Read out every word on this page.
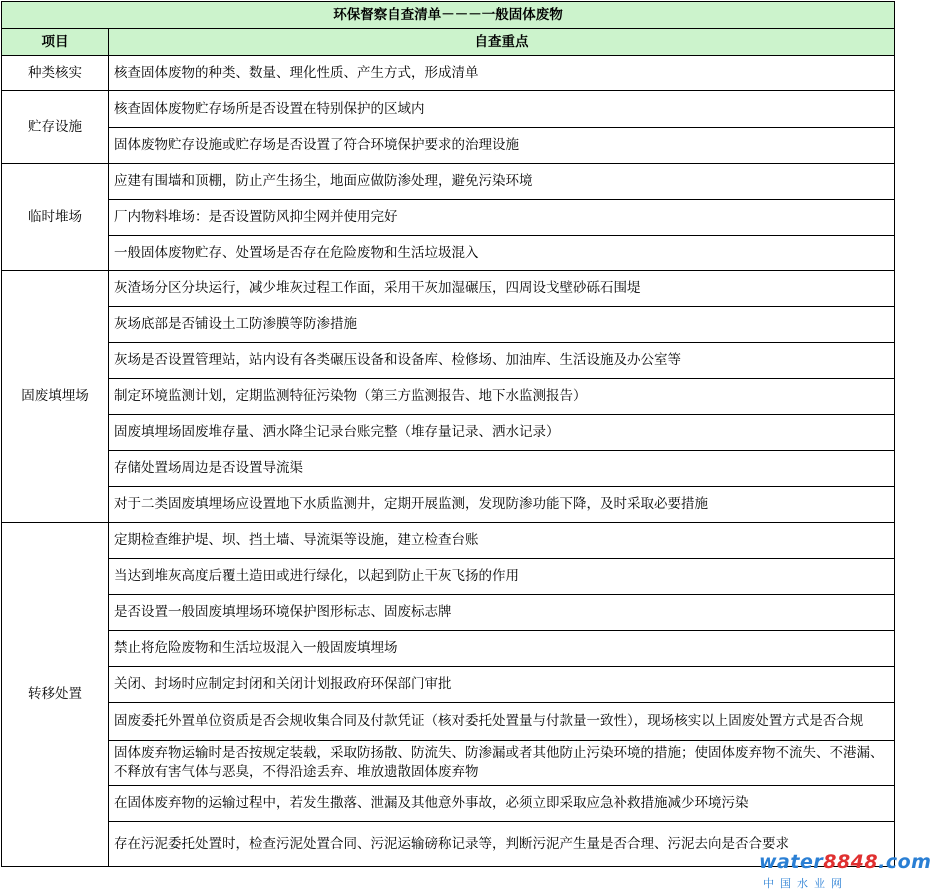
环保督察自查清单－－－一般固体废物	
项目	自查重点
种类核实	核查固体废物的种类、数量、理化性质、产生方式，形成清单
贮存设施	核查固体废物贮存场所是否设置在特别保护的区域内
	固体废物贮存设施或贮存场是否设置了符合环境保护要求的治理设施
临时堆场	应建有围墙和顶棚，防止产生扬尘，地面应做防渗处理，避免污染环境
	厂内物料堆场：是否设置防风抑尘网并使用完好
	一般固体废物贮存、处置场是否存在危险废物和生活垃圾混入
固废填埋场	灰渣场分区分块运行，减少堆灰过程工作面，采用干灰加湿碾压，四周设戈壁砂砾石围堤
	灰场底部是否铺设土工防渗膜等防渗措施
	灰场是否设置管理站，站内设有各类碾压设备和设备库、检修场、加油库、生活设施及办公室等
	制定环境监测计划，定期监测特征污染物（第三方监测报告、地下水监测报告）
	固废填埋场固废堆存量、洒水降尘记录台账完整（堆存量记录、洒水记录）
	存储处置场周边是否设置导流渠
	对于二类固废填埋场应设置地下水质监测井，定期开展监测，发现防渗功能下降，及时采取必要措施
转移处置	定期检查维护堤、坝、挡土墙、导流渠等设施，建立检查台账
	当达到堆灰高度后覆土造田或进行绿化，以起到防止干灰飞扬的作用
	是否设置一般固废填埋场环境保护图形标志、固废标志牌
	禁止将危险废物和生活垃圾混入一般固废填埋场
	关闭、封场时应制定封闭和关闭计划报政府环保部门审批
	固废委托外置单位资质是否会规收集合同及付款凭证（核对委托处置量与付款量一致性），现场核实以上固废处置方式是否合规
	固体废弃物运输时是否按规定装载，采取防扬散、防流失、防渗漏或者其他防止污染环境的措施；使固体废弃物不流失、不港漏、不释放有害气体与恶臭，不得沿途丢弃、堆放遗散固体废弃物
	在固体废弃物的运输过程中，若发生撒落、泄漏及其他意外事故，必须立即采取应急补救措施减少环境污染
	存在污泥委托处置时，检查污泥处置合同、污泥运输磅称记录等，判断污泥产生量是否合理、污泥去向是否合要求
water8848.com
中国水业网
